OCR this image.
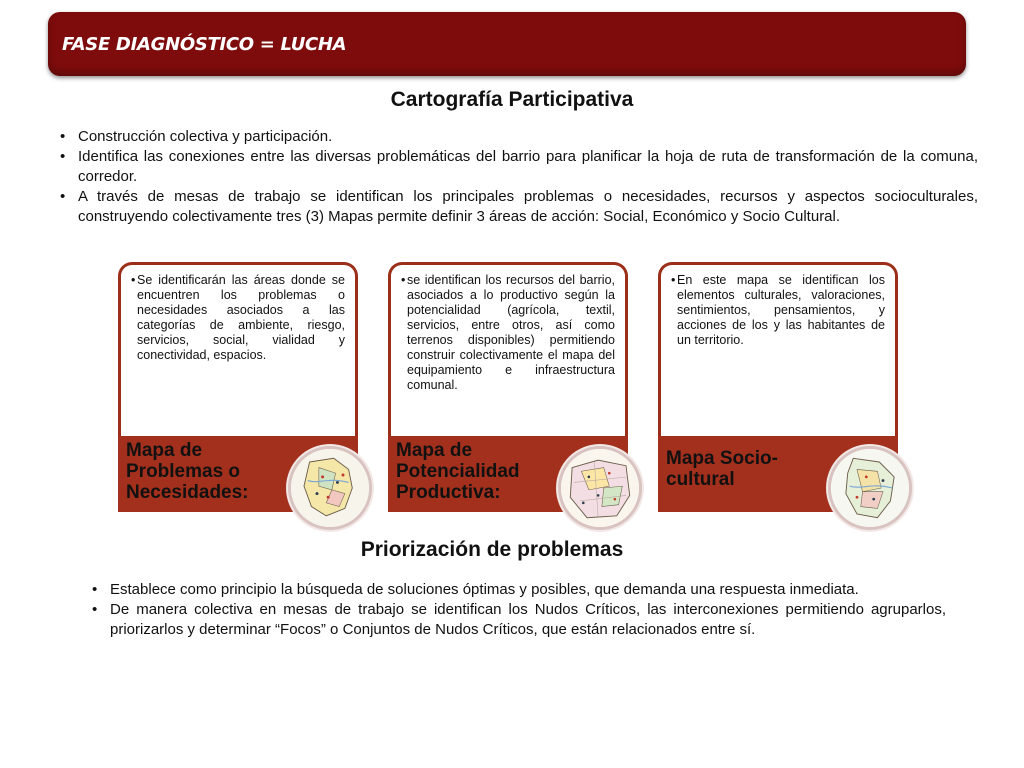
FASE DIAGNÓSTICO = LUCHA
Cartografía Participativa
• Construcción colectiva y participación.
• Identifica las conexiones entre las diversas problemáticas del barrio para planificar la hoja de ruta de transformación de la comuna, corredor.
• A través de mesas de trabajo se identifican los principales problemas o necesidades, recursos y aspectos socioculturales, construyendo colectivamente tres (3) Mapas permite definir 3 áreas de acción: Social, Económico y Socio Cultural.
• Se identificarán las áreas donde se encuentren los problemas o necesidades asociados a las categorías de ambiente, riesgo, servicios, social, vialidad y conectividad, espacios.
Mapa de Problemas o Necesidades:
• se identifican los recursos del barrio, asociados a lo productivo según la potencialidad (agrícola, textil, servicios, entre otros, así como terrenos disponibles) permitiendo construir colectivamente el mapa del equipamiento e infraestructura comunal.
Mapa de Potencialidad Productiva:
• En este mapa se identifican los elementos culturales, valoraciones, sentimientos, pensamientos, y acciones de los y las habitantes de un territorio.
Mapa Socio-cultural
Priorización de problemas
• Establece como principio la búsqueda de soluciones óptimas y posibles, que demanda una respuesta inmediata.
• De manera colectiva en mesas de trabajo se identifican los Nudos Críticos, las interconexiones permitiendo agruparlos, priorizarlos y determinar “Focos” o Conjuntos de Nudos Críticos, que están relacionados entre sí.
